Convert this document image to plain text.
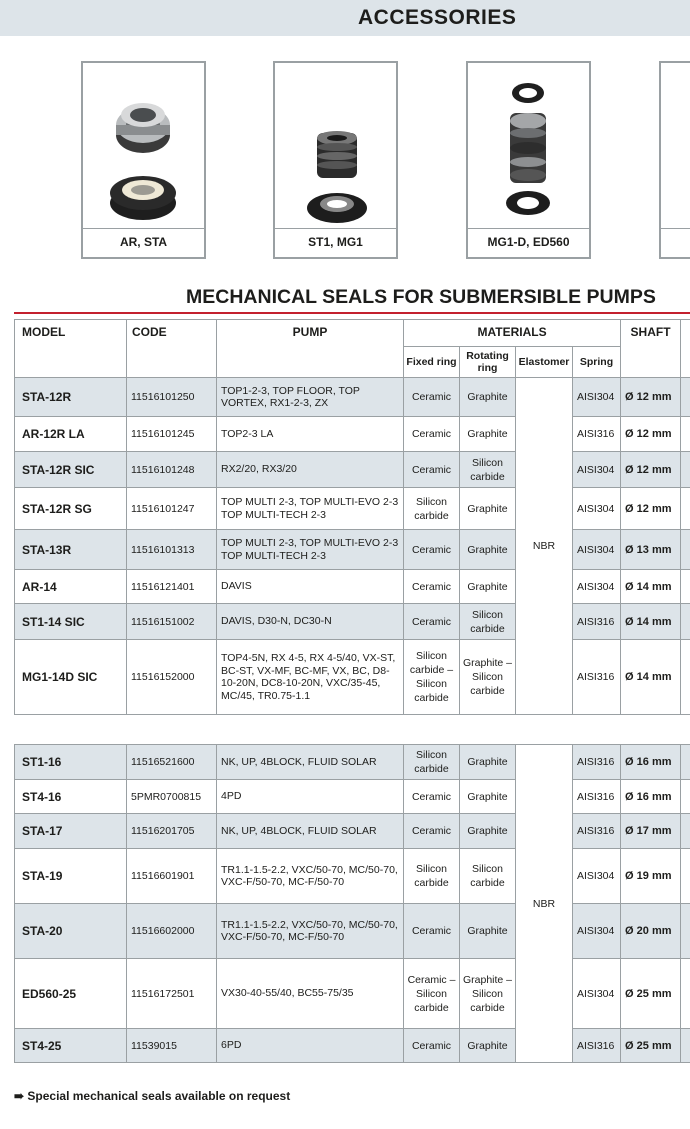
ACCESSORIES
AR, STA	ST1, MG1	MG1-D, ED560
MECHANICAL SEALS FOR SUBMERSIBLE PUMPS
MODEL	CODE	PUMP	MATERIALS				SHAFT	
			Fixed ring	Rotating ring	Elastomer	Spring		
STA-12R	11516101250	TOP1-2-3, TOP FLOOR, TOP VORTEX, RX1-2-3, ZX	Ceramic	Graphite	NBR	AISI304	Ø 12 mm	
AR-12R LA	11516101245	TOP2-3 LA	Ceramic	Graphite		AISI316	Ø 12 mm	
STA-12R SIC	11516101248	RX2/20, RX3/20	Ceramic	Silicon carbide		AISI304	Ø 12 mm	
STA-12R SG	11516101247	TOP MULTI 2-3, TOP MULTI-EVO 2-3 TOP MULTI-TECH 2-3	Silicon carbide	Graphite		AISI304	Ø 12 mm	
STA-13R	11516101313	TOP MULTI 2-3, TOP MULTI-EVO 2-3 TOP MULTI-TECH 2-3	Ceramic	Graphite		AISI304	Ø 13 mm	
AR-14	11516121401	DAVIS	Ceramic	Graphite		AISI304	Ø 14 mm	
ST1-14 SIC	11516151002	DAVIS, D30-N, DC30-N	Ceramic	Silicon carbide		AISI316	Ø 14 mm	
MG1-14D SIC	11516152000	TOP4-5N, RX 4-5, RX 4-5/40, VX-ST, BC-ST, VX-MF, BC-MF, VX, BC, D8-10-20N, DC8-10-20N, VXC/35-45, MC/45, TR0.75-1.1	Silicon carbide – Silicon carbide	Graphite – Silicon carbide		AISI316	Ø 14 mm	

ST1-16	11516521600	NK, UP, 4BLOCK, FLUID SOLAR	Silicon carbide	Graphite	NBR	AISI316	Ø 16 mm	
ST4-16	5PMR0700815	4PD	Ceramic	Graphite		AISI316	Ø 16 mm	
STA-17	11516201705	NK, UP, 4BLOCK, FLUID SOLAR	Ceramic	Graphite		AISI316	Ø 17 mm	
STA-19	11516601901	TR1.1-1.5-2.2, VXC/50-70, MC/50-70, VXC-F/50-70, MC-F/50-70	Silicon carbide	Silicon carbide		AISI304	Ø 19 mm	
STA-20	11516602000	TR1.1-1.5-2.2, VXC/50-70, MC/50-70, VXC-F/50-70, MC-F/50-70	Ceramic	Graphite		AISI304	Ø 20 mm	
ED560-25	11516172501	VX30-40-55/40, BC55-75/35	Ceramic – Silicon carbide	Graphite – Silicon carbide		AISI304	Ø 25 mm	
ST4-25	11539015	6PD	Ceramic	Graphite		AISI316	Ø 25 mm	
➠ Special mechanical seals available on request
